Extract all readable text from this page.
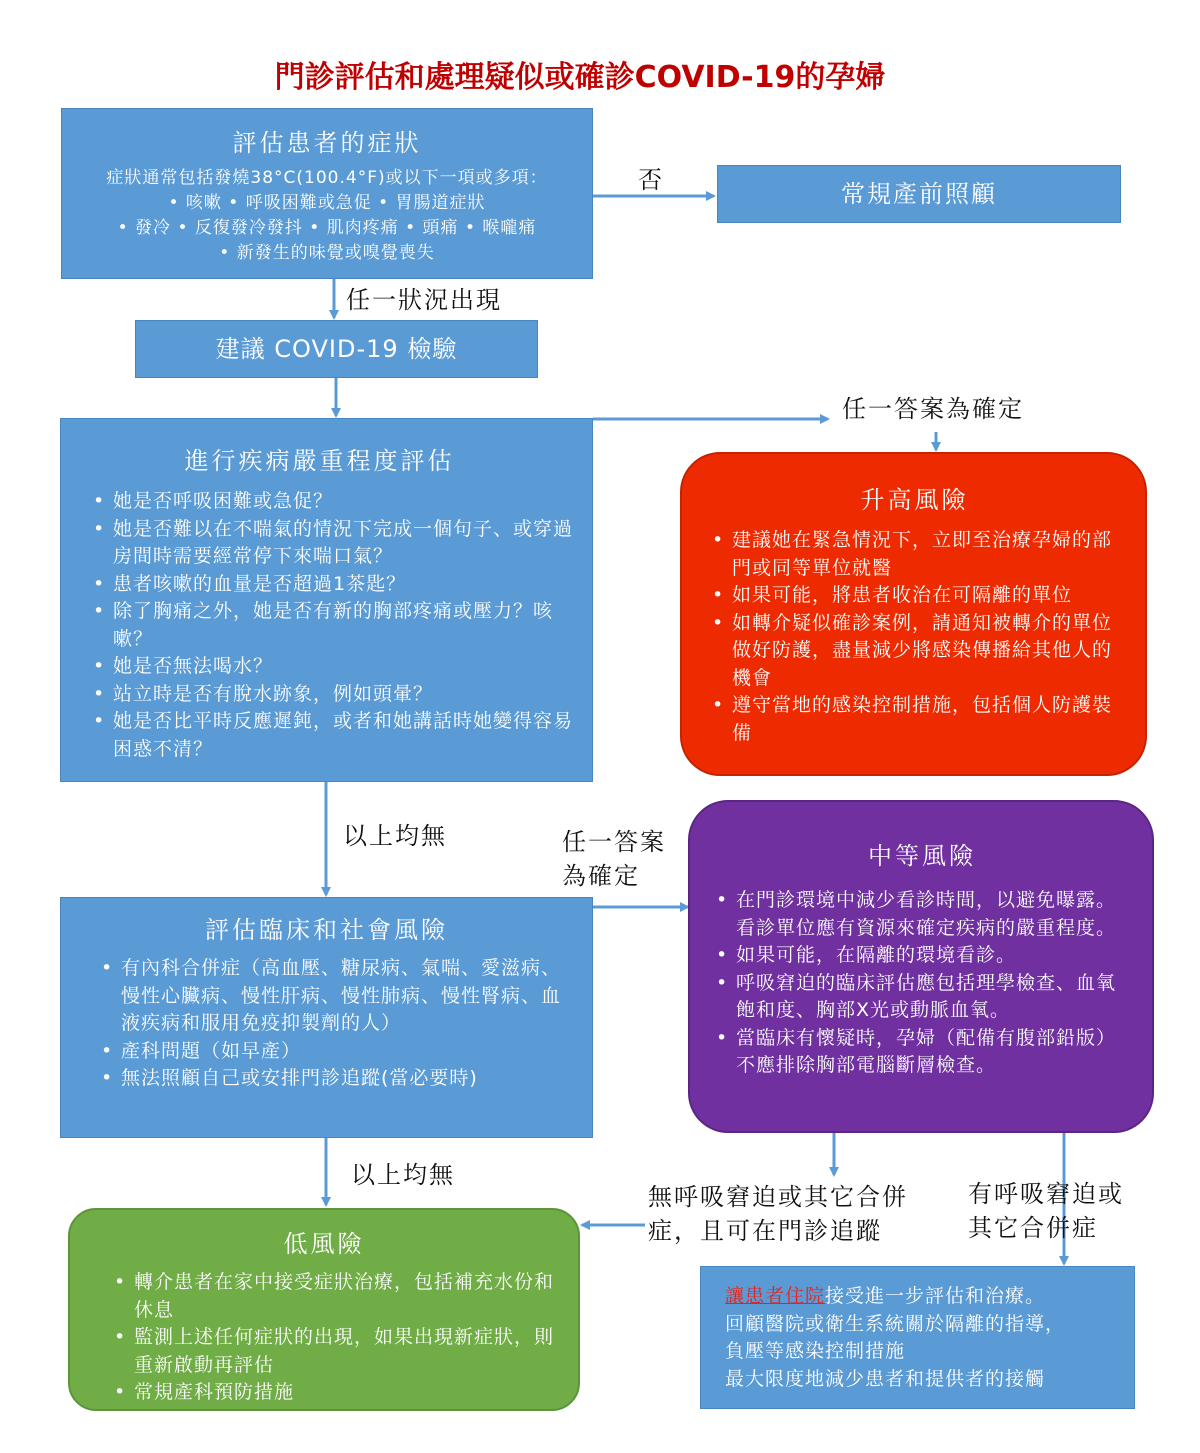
門診評估和處理疑似或確診COVID-19的孕婦
評估患者的症狀
症狀通常包括發燒38°C(100.4°F)或以下一項或多項：
• 咳嗽 • 呼吸困難或急促 • 胃腸道症狀
• 發冷 • 反復發冷發抖 • 肌肉疼痛 • 頭痛 • 喉嚨痛
• 新發生的味覺或嗅覺喪失
否	常規產前照顧
任一狀況出現
建議 COVID-19 檢驗
進行疾病嚴重程度評估
• 她是否呼吸困難或急促？
• 她是否難以在不喘氣的情況下完成一個句子、或穿過房間時需要經常停下來喘口氣？
• 患者咳嗽的血量是否超過1茶匙？
• 除了胸痛之外，她是否有新的胸部疼痛或壓力？咳嗽？
• 她是否無法喝水？
• 站立時是否有脫水跡象，例如頭暈？
• 她是否比平時反應遲鈍，或者和她講話時她變得容易困惑不清？
任一答案為確定
升高風險
• 建議她在緊急情況下，立即至治療孕婦的部門或同等單位就醫
• 如果可能，將患者收治在可隔離的單位
• 如轉介疑似確診案例，請通知被轉介的單位做好防護，盡量減少將感染傳播給其他人的機會
• 遵守當地的感染控制措施，包括個人防護裝備
以上均無	任一答案為確定
中等風險
• 在門診環境中減少看診時間，以避免曝露。看診單位應有資源來確定疾病的嚴重程度。
• 如果可能，在隔離的環境看診。
• 呼吸窘迫的臨床評估應包括理學檢查、血氧飽和度、胸部X光或動脈血氧。
• 當臨床有懷疑時，孕婦（配備有腹部鉛版）不應排除胸部電腦斷層檢查。
評估臨床和社會風險
• 有內科合併症（高血壓、糖尿病、氣喘、愛滋病、慢性心臟病、慢性肝病、慢性肺病、慢性腎病、血液疾病和服用免疫抑製劑的人）
• 產科問題（如早產）
• 無法照顧自己或安排門診追蹤(當必要時)
以上均無
無呼吸窘迫或其它合併症，且可在門診追蹤
有呼吸窘迫或其它合併症
低風險
• 轉介患者在家中接受症狀治療，包括補充水份和休息
• 監測上述任何症狀的出現，如果出現新症狀，則重新啟動再評估
• 常規產科預防措施
讓患者住院接受進一步評估和治療。
回顧醫院或衛生系統關於隔離的指導，
負壓等感染控制措施
最大限度地減少患者和提供者的接觸
